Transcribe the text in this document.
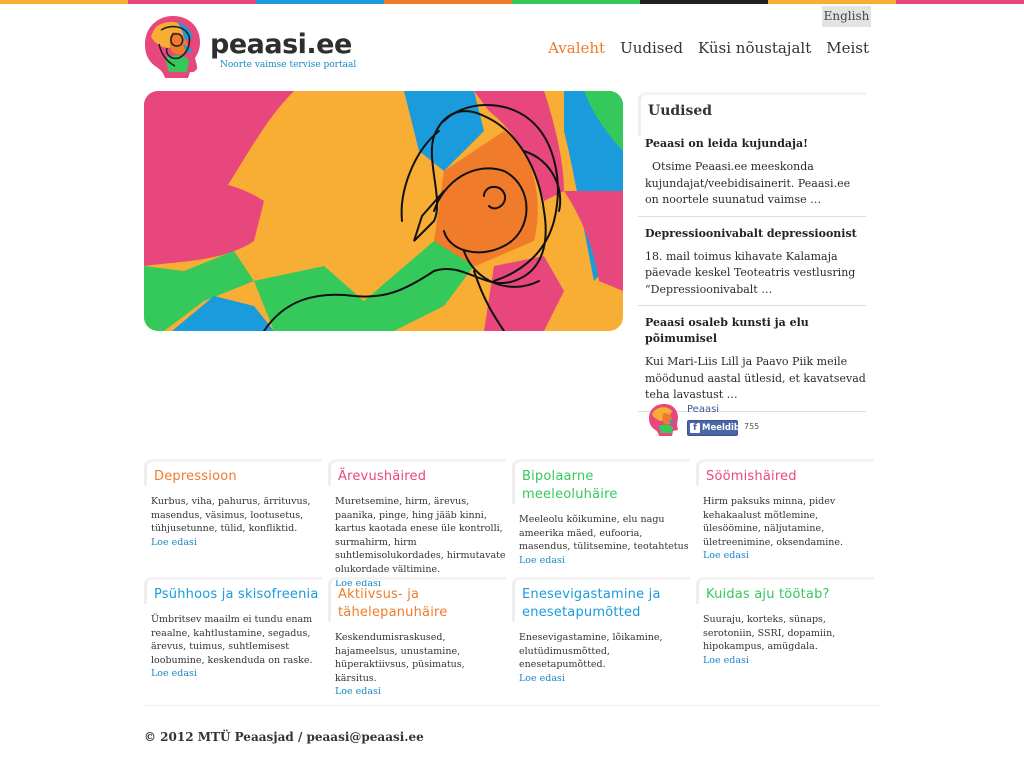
English
peaasi.ee
Noorte vaimse tervise portaal
Avaleht Uudised Küsi nõustajalt Meist
Uudised
Peaasi on leida kujundaja!
Otsime Peaasi.ee meeskonda kujundajat/veebidisainerit. Peaasi.ee on noortele suunatud vaimse …
Depressioonivabalt depressioonist
18. mail toimus kihavate Kalamaja päevade keskel Teoteatris vestlusring “Depressioonivabalt …
Peaasi osaleb kunsti ja elu põimumisel
Kui Mari-Liis Lill ja Paavo Piik meile möödunud aastal ütlesid, et kavatsevad teha lavastust …
Peaasi
f Meeldib 755
Depressioon
Kurbus, viha, pahurus, ärrituvus, masendus, väsimus, lootusetus, tühjusetunne, tülid, konfliktid.
Loe edasi
Ärevushäired
Muretsemine, hirm, ärevus, paanika, pinge, hing jääb kinni, kartus kaotada enese üle kontrolli, surmahirm, hirm suhtlemisolukordades, hirmutavate olukordade vältimine.
Loe edasi
Bipolaarne meeleoluhäire
Meeleolu kõikumine, elu nagu ameerika mäed, eufooria, masendus, tülitsemine, teotahtetus
Loe edasi
Söömishäired
Hirm paksuks minna, pidev kehakaalust mõtlemine, ülesöömine, näljutamine, ületreenimine, oksendamine.
Loe edasi
Psühhoos ja skisofreenia
Ümbritsev maailm ei tundu enam reaalne, kahtlustamine, segadus, ärevus, tuimus, suhtlemisest loobumine, keskenduda on raske.
Loe edasi
Aktiivsus- ja tähelepanuhäire
Keskendumisraskused, hajameelsus, unustamine, hüperaktiivsus, püsimatus, kärsitus.
Loe edasi
Enesevigastamine ja enesetapumõtted
Enesevigastamine, lõikamine, elutüdimusmõtted, enesetapumõtted.
Loe edasi
Kuidas aju töötab?
Suuraju, korteks, sünaps, serotoniin, SSRI, dopamiin, hipokampus, amügdala.
Loe edasi
© 2012 MTÜ Peaasjad / peaasi@peaasi.ee
